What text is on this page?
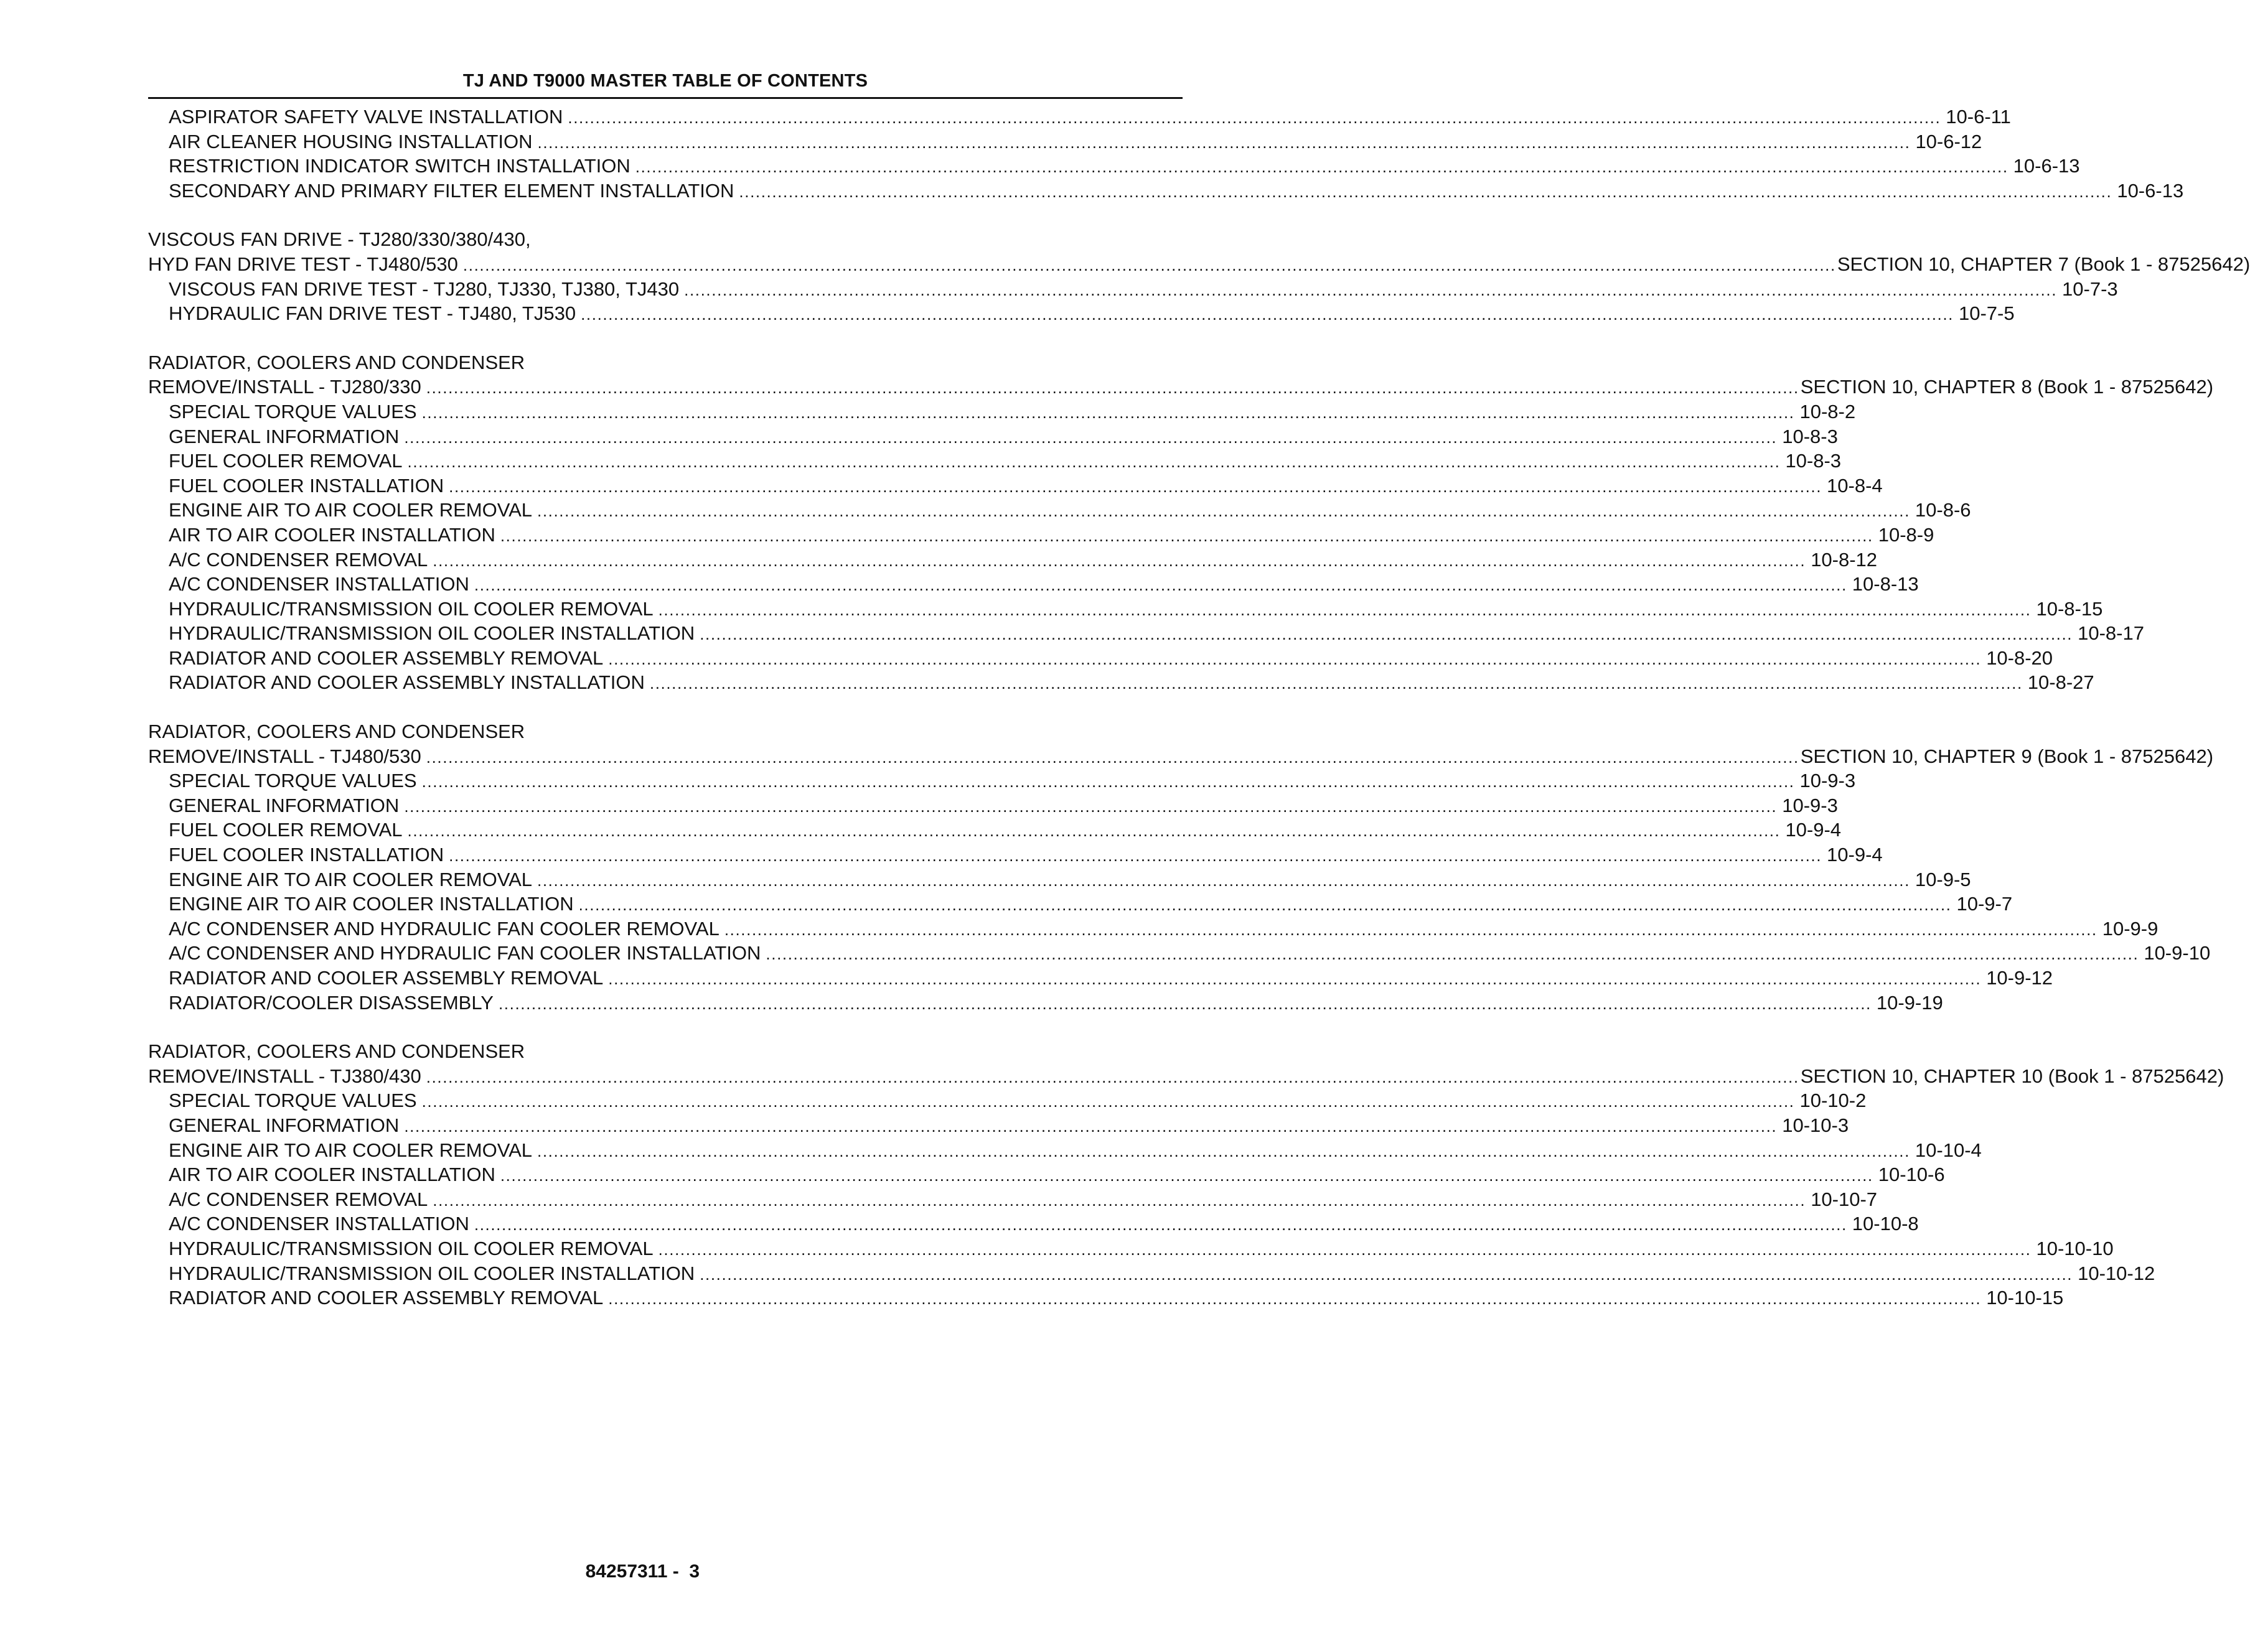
TJ AND T9000 MASTER TABLE OF CONTENTS
ASPIRATOR SAFETY VALVE INSTALLATION .......................................................................................................................................................................................................................................................... 10-6-11
AIR CLEANER HOUSING INSTALLATION .......................................................................................................................................................................................................................................................... 10-6-12
RESTRICTION INDICATOR SWITCH INSTALLATION .......................................................................................................................................................................................................................................................... 10-6-13
SECONDARY AND PRIMARY FILTER ELEMENT INSTALLATION .......................................................................................................................................................................................................................................................... 10-6-13
VISCOUS FAN DRIVE - TJ280/330/380/430,
HYD FAN DRIVE TEST - TJ480/530 .......................................................................................................................................................................................................................................................... SECTION 10, CHAPTER 7 (Book 1 - 87525642)
VISCOUS FAN DRIVE TEST - TJ280, TJ330, TJ380, TJ430 .......................................................................................................................................................................................................................................................... 10-7-3
HYDRAULIC FAN DRIVE TEST - TJ480, TJ530 .......................................................................................................................................................................................................................................................... 10-7-5
RADIATOR, COOLERS AND CONDENSER
REMOVE/INSTALL - TJ280/330 .......................................................................................................................................................................................................................................................... SECTION 10, CHAPTER 8 (Book 1 - 87525642)
SPECIAL TORQUE VALUES .......................................................................................................................................................................................................................................................... 10-8-2
GENERAL INFORMATION .......................................................................................................................................................................................................................................................... 10-8-3
FUEL COOLER REMOVAL .......................................................................................................................................................................................................................................................... 10-8-3
FUEL COOLER INSTALLATION .......................................................................................................................................................................................................................................................... 10-8-4
ENGINE AIR TO AIR COOLER REMOVAL .......................................................................................................................................................................................................................................................... 10-8-6
AIR TO AIR COOLER INSTALLATION .......................................................................................................................................................................................................................................................... 10-8-9
A/C CONDENSER REMOVAL .......................................................................................................................................................................................................................................................... 10-8-12
A/C CONDENSER INSTALLATION .......................................................................................................................................................................................................................................................... 10-8-13
HYDRAULIC/TRANSMISSION OIL COOLER REMOVAL .......................................................................................................................................................................................................................................................... 10-8-15
HYDRAULIC/TRANSMISSION OIL COOLER INSTALLATION .......................................................................................................................................................................................................................................................... 10-8-17
RADIATOR AND COOLER ASSEMBLY REMOVAL .......................................................................................................................................................................................................................................................... 10-8-20
RADIATOR AND COOLER ASSEMBLY INSTALLATION .......................................................................................................................................................................................................................................................... 10-8-27
RADIATOR, COOLERS AND CONDENSER
REMOVE/INSTALL - TJ480/530 .......................................................................................................................................................................................................................................................... SECTION 10, CHAPTER 9 (Book 1 - 87525642)
SPECIAL TORQUE VALUES .......................................................................................................................................................................................................................................................... 10-9-3
GENERAL INFORMATION .......................................................................................................................................................................................................................................................... 10-9-3
FUEL COOLER REMOVAL .......................................................................................................................................................................................................................................................... 10-9-4
FUEL COOLER INSTALLATION .......................................................................................................................................................................................................................................................... 10-9-4
ENGINE AIR TO AIR COOLER REMOVAL .......................................................................................................................................................................................................................................................... 10-9-5
ENGINE AIR TO AIR COOLER INSTALLATION .......................................................................................................................................................................................................................................................... 10-9-7
A/C CONDENSER AND HYDRAULIC FAN COOLER REMOVAL .......................................................................................................................................................................................................................................................... 10-9-9
A/C CONDENSER AND HYDRAULIC FAN COOLER INSTALLATION .......................................................................................................................................................................................................................................................... 10-9-10
RADIATOR AND COOLER ASSEMBLY REMOVAL .......................................................................................................................................................................................................................................................... 10-9-12
RADIATOR/COOLER DISASSEMBLY .......................................................................................................................................................................................................................................................... 10-9-19
RADIATOR, COOLERS AND CONDENSER
REMOVE/INSTALL - TJ380/430 .......................................................................................................................................................................................................................................................... SECTION 10, CHAPTER 10 (Book 1 - 87525642)
SPECIAL TORQUE VALUES .......................................................................................................................................................................................................................................................... 10-10-2
GENERAL INFORMATION .......................................................................................................................................................................................................................................................... 10-10-3
ENGINE AIR TO AIR COOLER REMOVAL .......................................................................................................................................................................................................................................................... 10-10-4
AIR TO AIR COOLER INSTALLATION .......................................................................................................................................................................................................................................................... 10-10-6
A/C CONDENSER REMOVAL .......................................................................................................................................................................................................................................................... 10-10-7
A/C CONDENSER INSTALLATION .......................................................................................................................................................................................................................................................... 10-10-8
HYDRAULIC/TRANSMISSION OIL COOLER REMOVAL .......................................................................................................................................................................................................................................................... 10-10-10
HYDRAULIC/TRANSMISSION OIL COOLER INSTALLATION .......................................................................................................................................................................................................................................................... 10-10-12
RADIATOR AND COOLER ASSEMBLY REMOVAL .......................................................................................................................................................................................................................................................... 10-10-15

84257311 -  3
